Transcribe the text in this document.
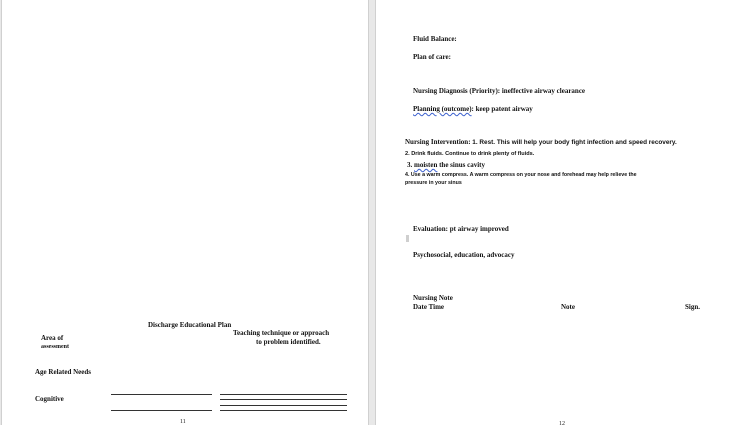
Discharge Educational Plan
Area of
assessment
Teaching technique or approach
to problem identified.
Age Related Needs
Cognitive
11
Fluid Balance:
Plan of care:
Nursing Diagnosis (Priority): ineffective airway clearance
Planning (outcome): keep patent airway
Nursing Intervention: 1. Rest. This will help your body fight infection and speed recovery.
2. Drink fluids. Continue to drink plenty of fluids.
3. moisten the sinus cavity
4. Use a warm compress. A warm compress on your nose and forehead may help relieve the
pressure in your sinus
Evaluation: pt airway improved
Psychosocial, education, advocacy
Nursing Note
Date Time	Note	Sign.
12
